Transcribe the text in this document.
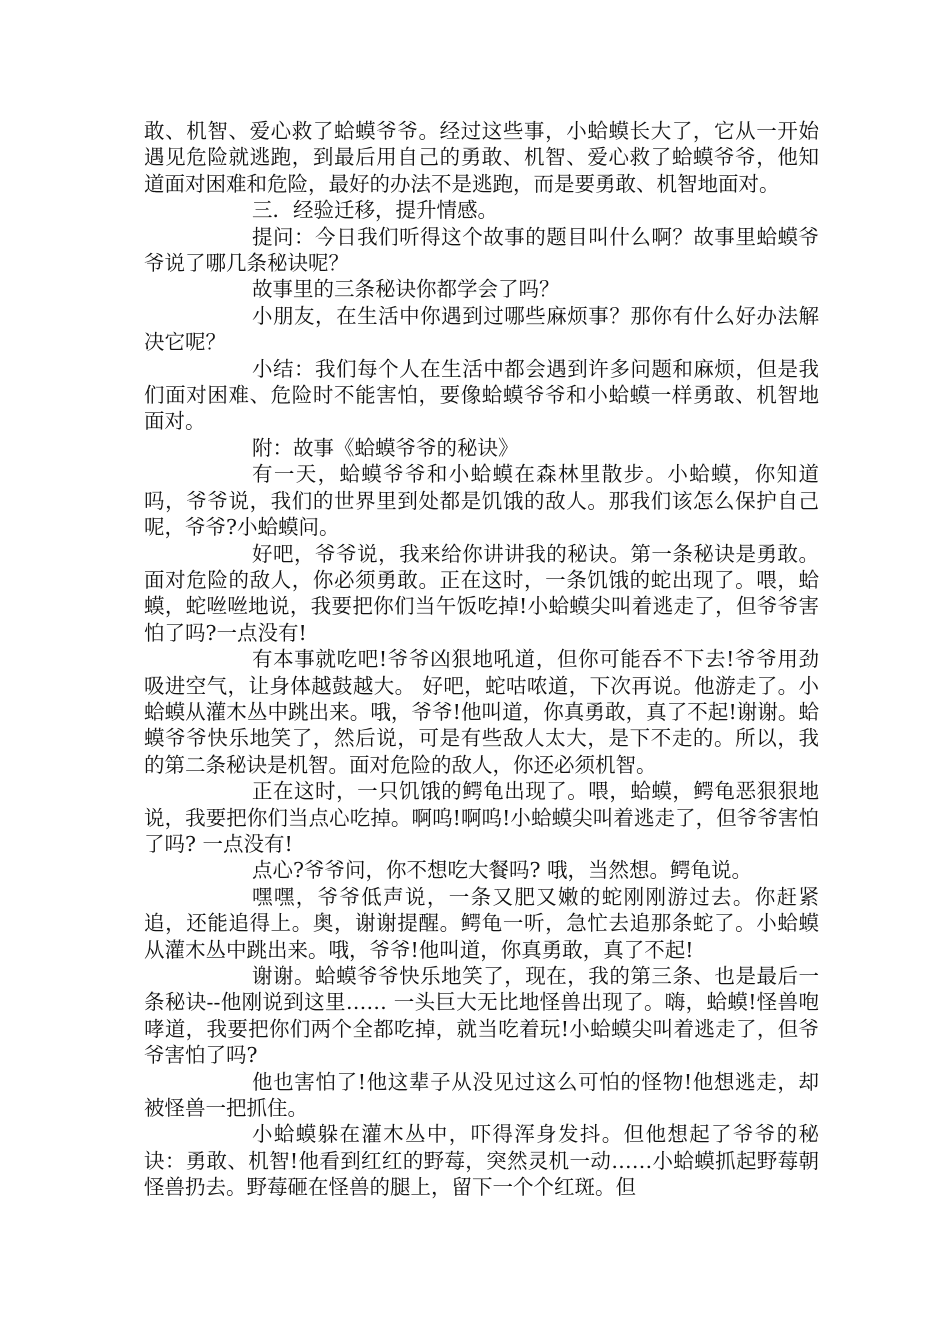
敢、机智、爱心救了蛤蟆爷爷。经过这些事，小蛤蟆长大了，它从一开始遇见危险就逃跑，到最后用自己的勇敢、机智、爱心救了蛤蟆爷爷，他知道面对困难和危险，最好的办法不是逃跑，而是要勇敢、机智地面对。

三．经验迁移，提升情感。

提问：今日我们听得这个故事的题目叫什么啊？故事里蛤蟆爷爷说了哪几条秘诀呢？

故事里的三条秘诀你都学会了吗？

小朋友，在生活中你遇到过哪些麻烦事？那你有什么好办法解决它呢？

小结：我们每个人在生活中都会遇到许多问题和麻烦，但是我们面对困难、危险时不能害怕，要像蛤蟆爷爷和小蛤蟆一样勇敢、机智地面对。

附：故事《蛤蟆爷爷的秘诀》

有一天，蛤蟆爷爷和小蛤蟆在森林里散步。小蛤蟆，你知道吗，爷爷说，我们的世界里到处都是饥饿的敌人。那我们该怎么保护自己呢，爷爷?小蛤蟆问。

好吧，爷爷说，我来给你讲讲我的秘诀。第一条秘诀是勇敢。面对危险的敌人，你必须勇敢。正在这时，一条饥饿的蛇出现了。喂，蛤蟆，蛇咝咝地说，我要把你们当午饭吃掉!小蛤蟆尖叫着逃走了，但爷爷害怕了吗?一点没有!

有本事就吃吧!爷爷凶狠地吼道，但你可能吞不下去!爷爷用劲吸进空气，让身体越鼓越大。 好吧，蛇咕哝道，下次再说。他游走了。小蛤蟆从灌木丛中跳出来。哦，爷爷!他叫道，你真勇敢，真了不起!谢谢。蛤蟆爷爷快乐地笑了，然后说，可是有些敌人太大，是下不走的。所以，我的第二条秘诀是机智。面对危险的敌人，你还必须机智。

正在这时，一只饥饿的鳄龟出现了。喂，蛤蟆，鳄龟恶狠狠地说，我要把你们当点心吃掉。啊呜!啊呜!小蛤蟆尖叫着逃走了，但爷爷害怕了吗? 一点没有!

点心?爷爷问，你不想吃大餐吗? 哦，当然想。鳄龟说。

嘿嘿，爷爷低声说，一条又肥又嫩的蛇刚刚游过去。你赶紧追，还能追得上。奥，谢谢提醒。鳄龟一听，急忙去追那条蛇了。小蛤蟆从灌木丛中跳出来。哦，爷爷!他叫道，你真勇敢，真了不起!

谢谢。蛤蟆爷爷快乐地笑了，现在，我的第三条、也是最后一条秘诀--他刚说到这里…… 一头巨大无比地怪兽出现了。嗨，蛤蟆!怪兽咆哮道，我要把你们两个全都吃掉，就当吃着玩!小蛤蟆尖叫着逃走了，但爷爷害怕了吗?

他也害怕了!他这辈子从没见过这么可怕的怪物!他想逃走，却被怪兽一把抓住。

小蛤蟆躲在灌木丛中，吓得浑身发抖。但他想起了爷爷的秘诀：勇敢、机智!他看到红红的野莓，突然灵机一动……小蛤蟆抓起野莓朝怪兽扔去。野莓砸在怪兽的腿上，留下一个个红斑。但
